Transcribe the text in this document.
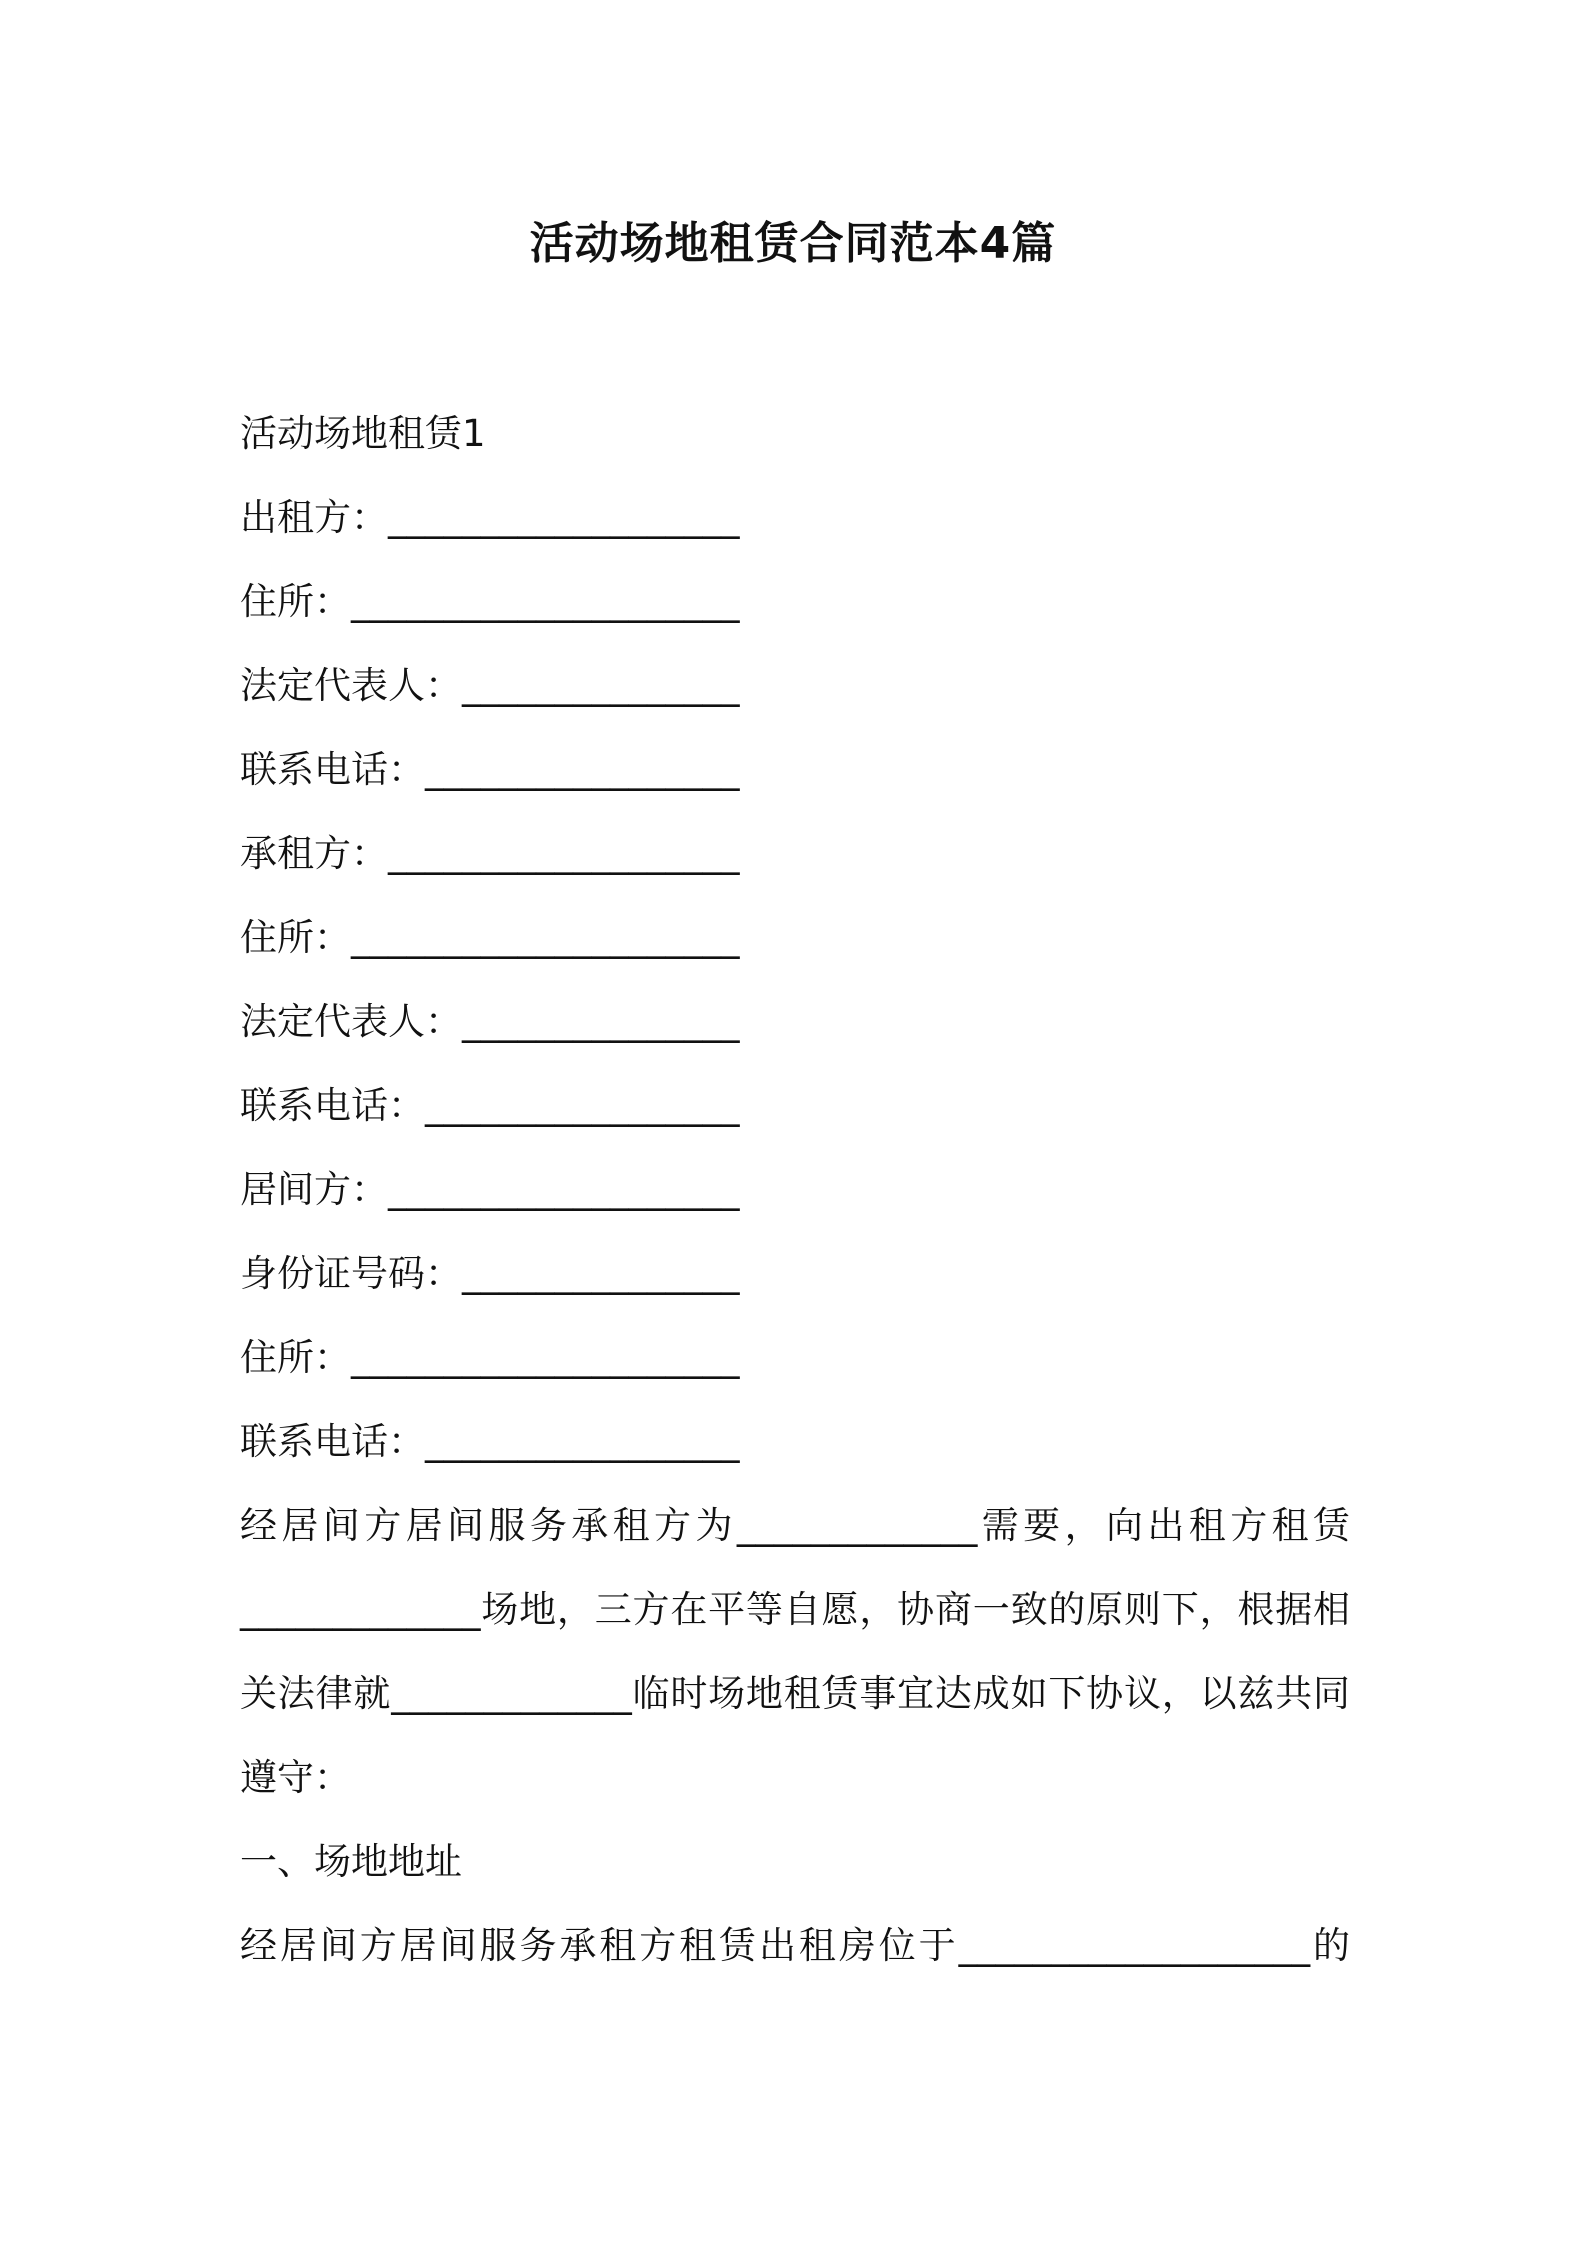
活动场地租赁合同范本4篇
活动场地租赁1
出租方：___________________
住所：_____________________
法定代表人：_______________
联系电话：_________________
承租方：___________________
住所：_____________________
法定代表人：_______________
联系电话：_________________
居间方：___________________
身份证号码：_______________
住所：_____________________
联系电话：_________________
经居间方居间服务承租方为_____________需要，向出租方租赁
_____________场地，三方在平等自愿，协商一致的原则下，根据相
关法律就_____________临时场地租赁事宜达成如下协议，以兹共同
遵守：
一、场地地址
经居间方居间服务承租方租赁出租房位于___________________的
